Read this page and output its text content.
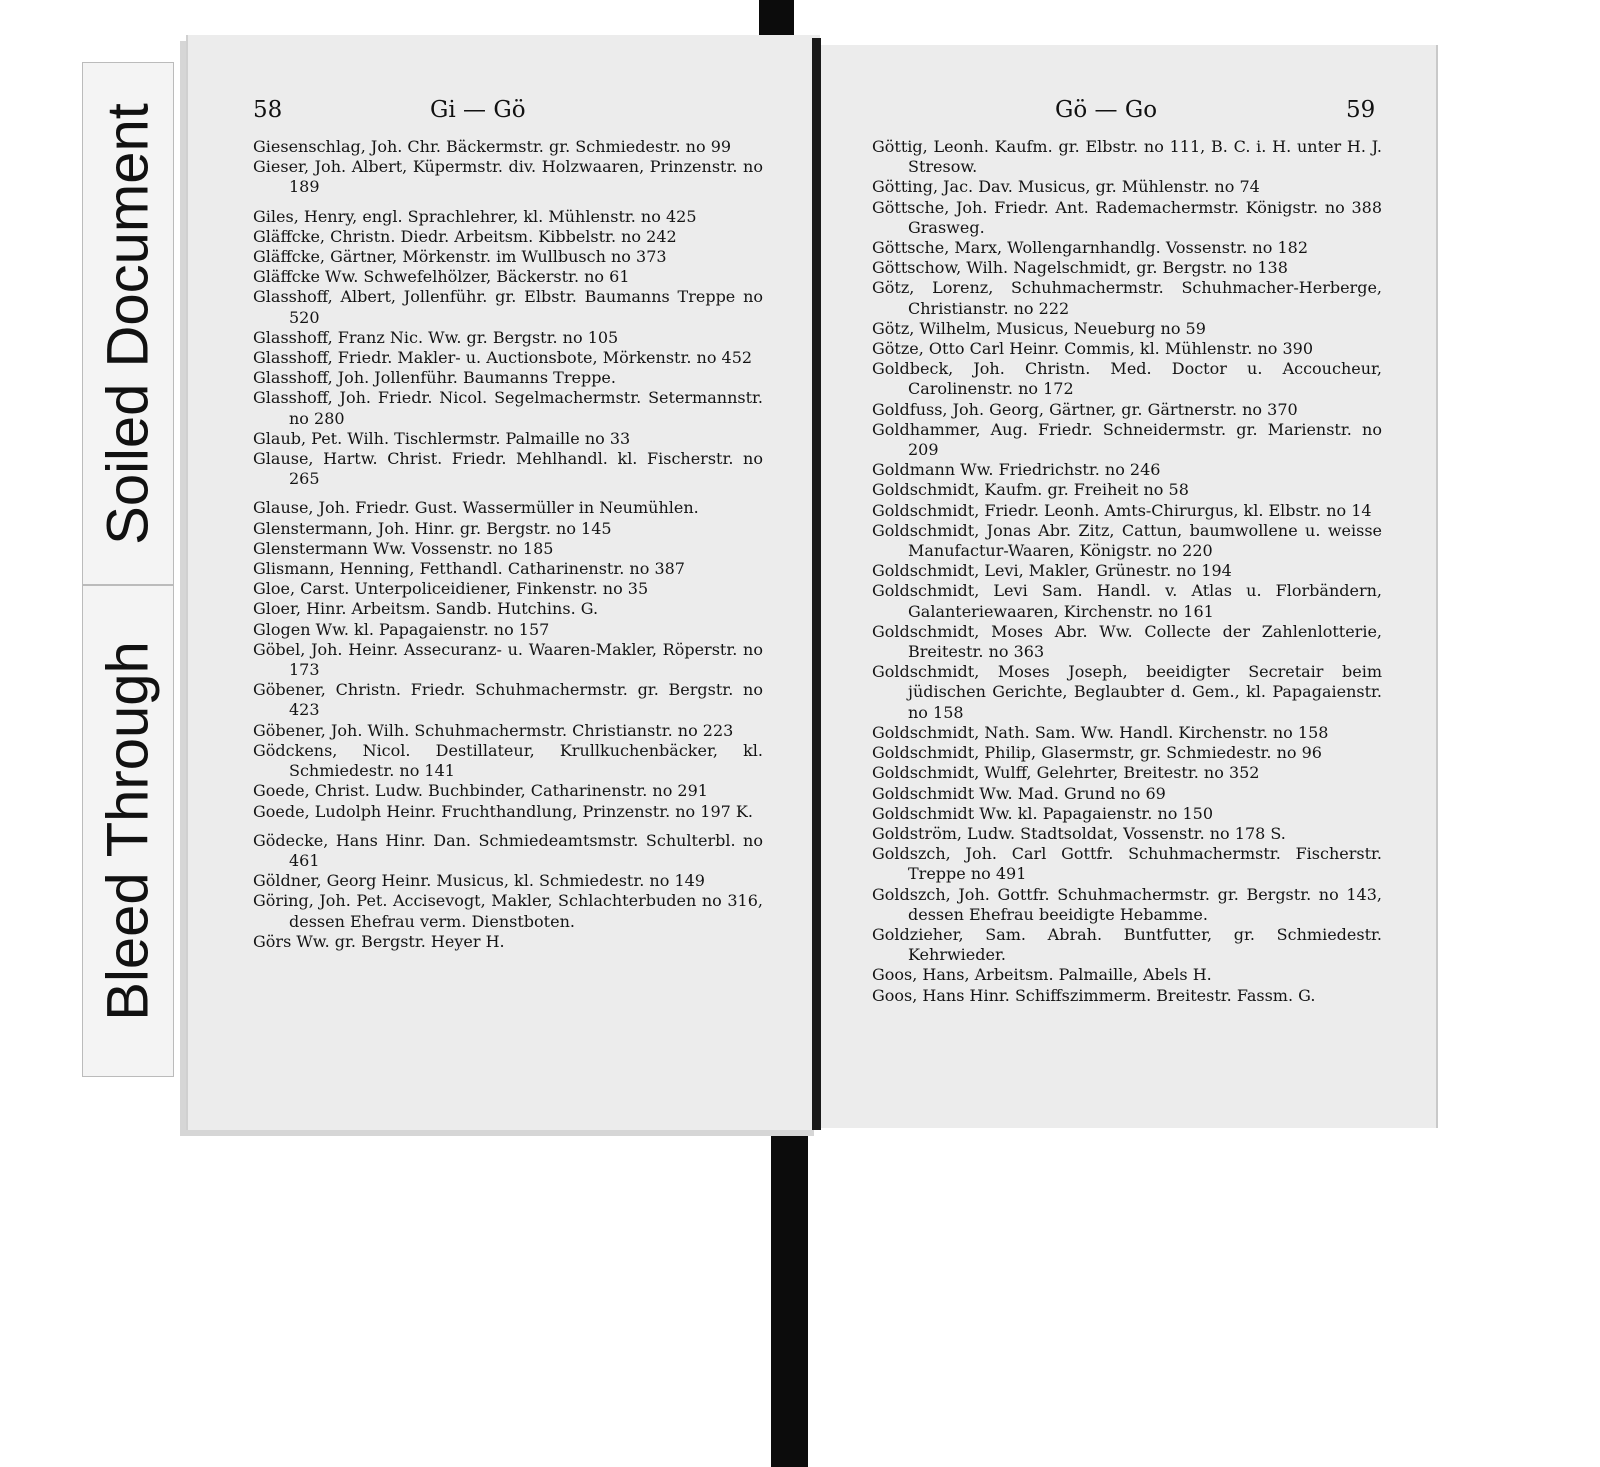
Soiled Document
Bleed Through
58	Gi — Gö	Gö — Go	59
Giesenschlag, Joh. Chr. Bäckermstr. gr. Schmiedestr. no 99
Gieser, Joh. Albert, Küpermstr. div. Holzwaaren, Prinzenstr. no 189
Giles, Henry, engl. Sprachlehrer, kl. Mühlenstr. no 425
Gläffcke, Christn. Diedr. Arbeitsm. Kibbelstr. no 242
Gläffcke, Gärtner, Mörkenstr. im Wullbusch no 373
Gläffcke Ww. Schwefelhölzer, Bäckerstr. no 61
Glasshoff, Albert, Jollenführ. gr. Elbstr. Baumanns Treppe no 520
Glasshoff, Franz Nic. Ww. gr. Bergstr. no 105
Glasshoff, Friedr. Makler- u. Auctionsbote, Mörkenstr. no 452
Glasshoff, Joh. Jollenführ. Baumanns Treppe.
Glasshoff, Joh. Friedr. Nicol. Segelmachermstr. Setermannstr. no 280
Glaub, Pet. Wilh. Tischlermstr. Palmaille no 33
Glause, Hartw. Christ. Friedr. Mehlhandl. kl. Fischerstr. no 265
Glause, Joh. Friedr. Gust. Wassermüller in Neumühlen.
Glenstermann, Joh. Hinr. gr. Bergstr. no 145
Glenstermann Ww. Vossenstr. no 185
Glismann, Henning, Fetthandl. Catharinenstr. no 387
Gloe, Carst. Unterpoliceidiener, Finkenstr. no 35
Gloer, Hinr. Arbeitsm. Sandb. Hutchins. G.
Glogen Ww. kl. Papagaienstr. no 157
Göbel, Joh. Heinr. Assecuranz- u. Waaren-Makler, Röperstr. no 173
Göbener, Christn. Friedr. Schuhmachermstr. gr. Bergstr. no 423
Göbener, Joh. Wilh. Schuhmachermstr. Christianstr. no 223
Gödckens, Nicol. Destillateur, Krullkuchenbäcker, kl. Schmiedestr. no 141
Goede, Christ. Ludw. Buchbinder, Catharinenstr. no 291
Goede, Ludolph Heinr. Fruchthandlung, Prinzenstr. no 197 K.
Gödecke, Hans Hinr. Dan. Schmiedeamtsmstr. Schulterbl. no 461
Göldner, Georg Heinr. Musicus, kl. Schmiedestr. no 149
Göring, Joh. Pet. Accisevogt, Makler, Schlachterbuden no 316, dessen Ehefrau verm. Dienstboten.
Görs Ww. gr. Bergstr. Heyer H.
Göttig, Leonh. Kaufm. gr. Elbstr. no 111, B. C. i. H. unter H. J. Stresow.
Götting, Jac. Dav. Musicus, gr. Mühlenstr. no 74
Göttsche, Joh. Friedr. Ant. Rademachermstr. Königstr. no 388 Grasweg.
Göttsche, Marx, Wollengarnhandlg. Vossenstr. no 182
Göttschow, Wilh. Nagelschmidt, gr. Bergstr. no 138
Götz, Lorenz, Schuhmachermstr. Schuhmacher-Herberge, Christianstr. no 222
Götz, Wilhelm, Musicus, Neueburg no 59
Götze, Otto Carl Heinr. Commis, kl. Mühlenstr. no 390
Goldbeck, Joh. Christn. Med. Doctor u. Accoucheur, Carolinenstr. no 172
Goldfuss, Joh. Georg, Gärtner, gr. Gärtnerstr. no 370
Goldhammer, Aug. Friedr. Schneidermstr. gr. Marienstr. no 209
Goldmann Ww. Friedrichstr. no 246
Goldschmidt, Kaufm. gr. Freiheit no 58
Goldschmidt, Friedr. Leonh. Amts-Chirurgus, kl. Elbstr. no 14
Goldschmidt, Jonas Abr. Zitz, Cattun, baumwollene u. weisse Manufactur-Waaren, Königstr. no 220
Goldschmidt, Levi, Makler, Grünestr. no 194
Goldschmidt, Levi Sam. Handl. v. Atlas u. Florbändern, Galanteriewaaren, Kirchenstr. no 161
Goldschmidt, Moses Abr. Ww. Collecte der Zahlenlotterie, Breitestr. no 363
Goldschmidt, Moses Joseph, beeidigter Secretair beim jüdischen Gerichte, Beglaubter d. Gem., kl. Papagaienstr. no 158
Goldschmidt, Nath. Sam. Ww. Handl. Kirchenstr. no 158
Goldschmidt, Philip, Glasermstr, gr. Schmiedestr. no 96
Goldschmidt, Wulff, Gelehrter, Breitestr. no 352
Goldschmidt Ww. Mad. Grund no 69
Goldschmidt Ww. kl. Papagaienstr. no 150
Goldström, Ludw. Stadtsoldat, Vossenstr. no 178 S.
Goldszch, Joh. Carl Gottfr. Schuhmachermstr. Fischerstr. Treppe no 491
Goldszch, Joh. Gottfr. Schuhmachermstr. gr. Bergstr. no 143, dessen Ehefrau beeidigte Hebamme.
Goldzieher, Sam. Abrah. Buntfutter, gr. Schmiedestr. Kehrwieder.
Goos, Hans, Arbeitsm. Palmaille, Abels H.
Goos, Hans Hinr. Schiffszimmerm. Breitestr. Fassm. G.
